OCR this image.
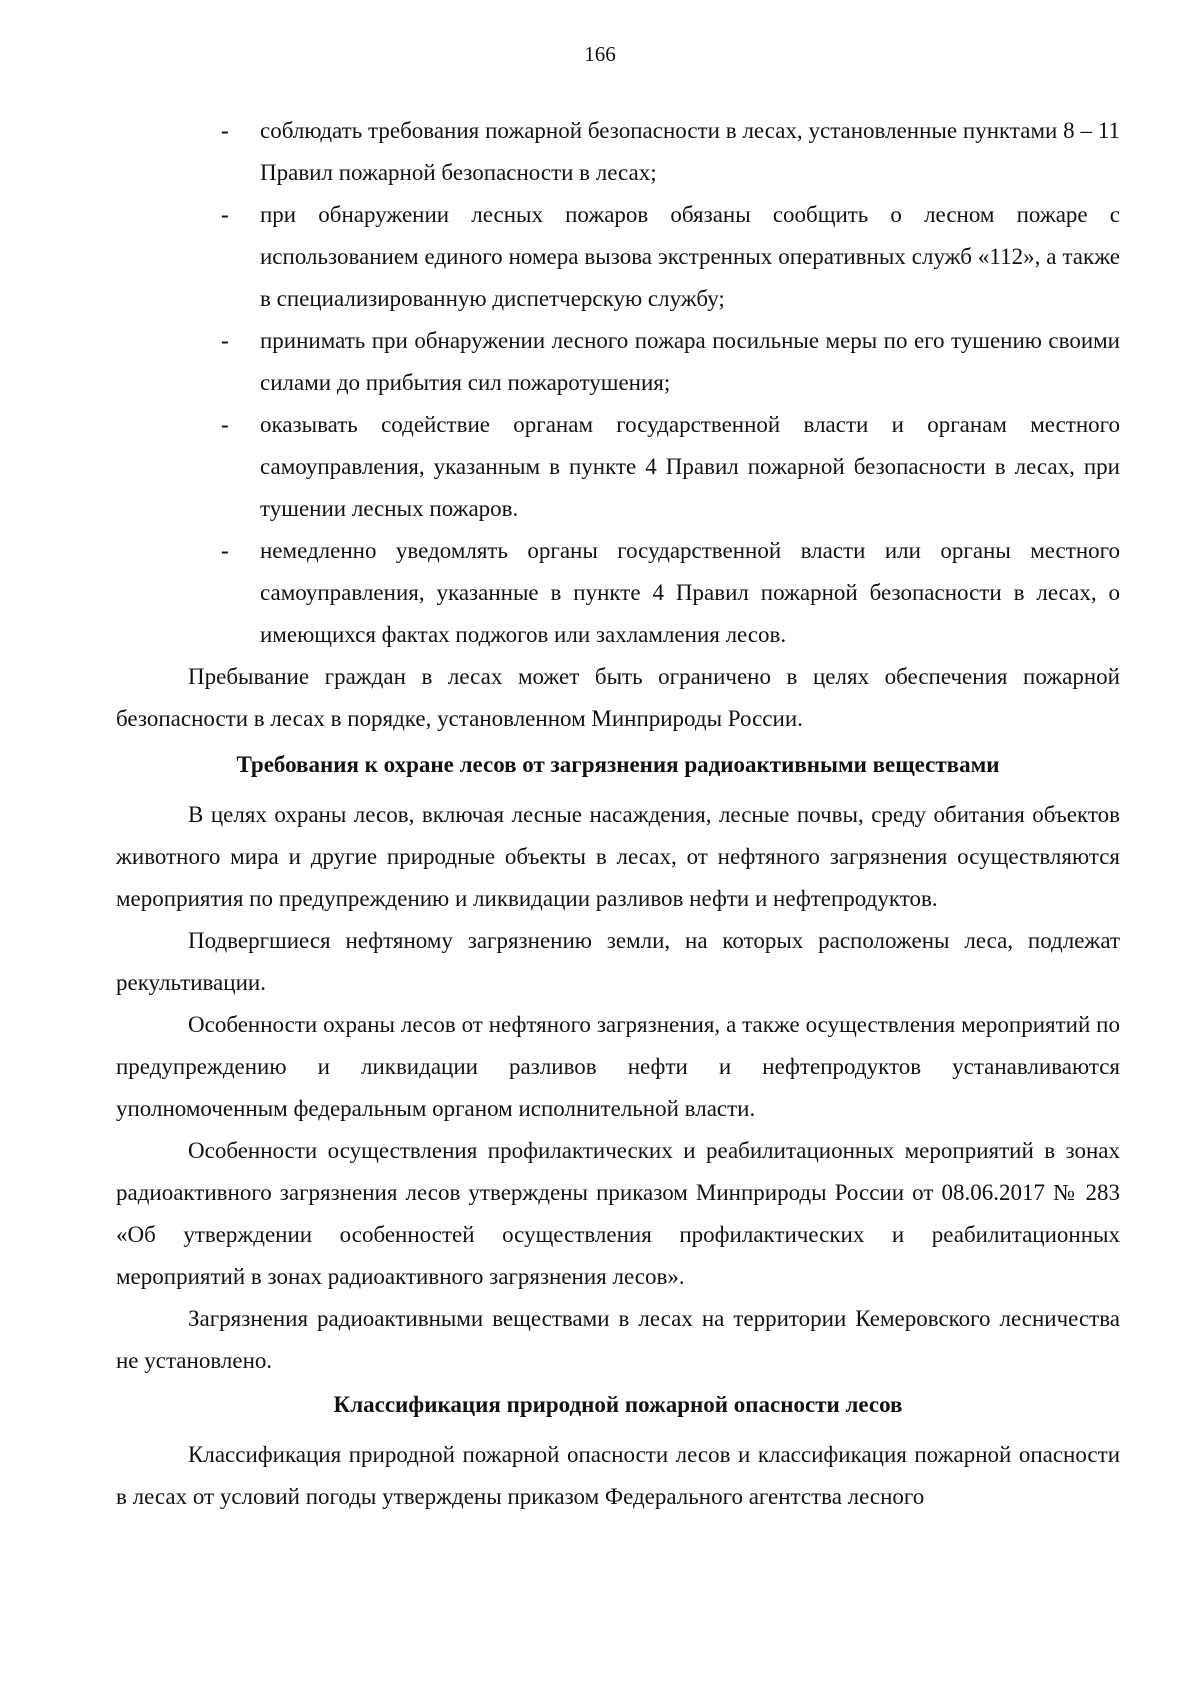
166
- соблюдать требования пожарной безопасности в лесах, установленные пунктами 8 – 11 Правил пожарной безопасности в лесах;
- при обнаружении лесных пожаров обязаны сообщить о лесном пожаре с использованием единого номера вызова экстренных оперативных служб «112», а также в специализированную диспетчерскую службу;
- принимать при обнаружении лесного пожара посильные меры по его тушению своими силами до прибытия сил пожаротушения;
- оказывать содействие органам государственной власти и органам местного самоуправления, указанным в пункте 4 Правил пожарной безопасности в лесах, при тушении лесных пожаров.
- немедленно уведомлять органы государственной власти или органы местного самоуправления, указанные в пункте 4 Правил пожарной безопасности в лесах, о имеющихся фактах поджогов или захламления лесов.

Пребывание граждан в лесах может быть ограничено в целях обеспечения пожарной безопасности в лесах в порядке, установленном Минприроды России.

Требования к охране лесов от загрязнения радиоактивными веществами

В целях охраны лесов, включая лесные насаждения, лесные почвы, среду обитания объектов животного мира и другие природные объекты в лесах, от нефтяного загрязнения осуществляются мероприятия по предупреждению и ликвидации разливов нефти и нефтепродуктов.

Подвергшиеся нефтяному загрязнению земли, на которых расположены леса, подлежат рекультивации.

Особенности охраны лесов от нефтяного загрязнения, а также осуществления мероприятий по предупреждению и ликвидации разливов нефти и нефтепродуктов устанавливаются уполномоченным федеральным органом исполнительной власти.

Особенности осуществления профилактических и реабилитационных мероприятий в зонах радиоактивного загрязнения лесов утверждены приказом Минприроды России от 08.06.2017 № 283 «Об утверждении особенностей осуществления профилактических и реабилитационных мероприятий в зонах радиоактивного загрязнения лесов».

Загрязнения радиоактивными веществами в лесах на территории Кемеровского лесничества не установлено.

Классификация природной пожарной опасности лесов

Классификация природной пожарной опасности лесов и классификация пожарной опасности в лесах от условий погоды утверждены приказом Федерального агентства лесного
